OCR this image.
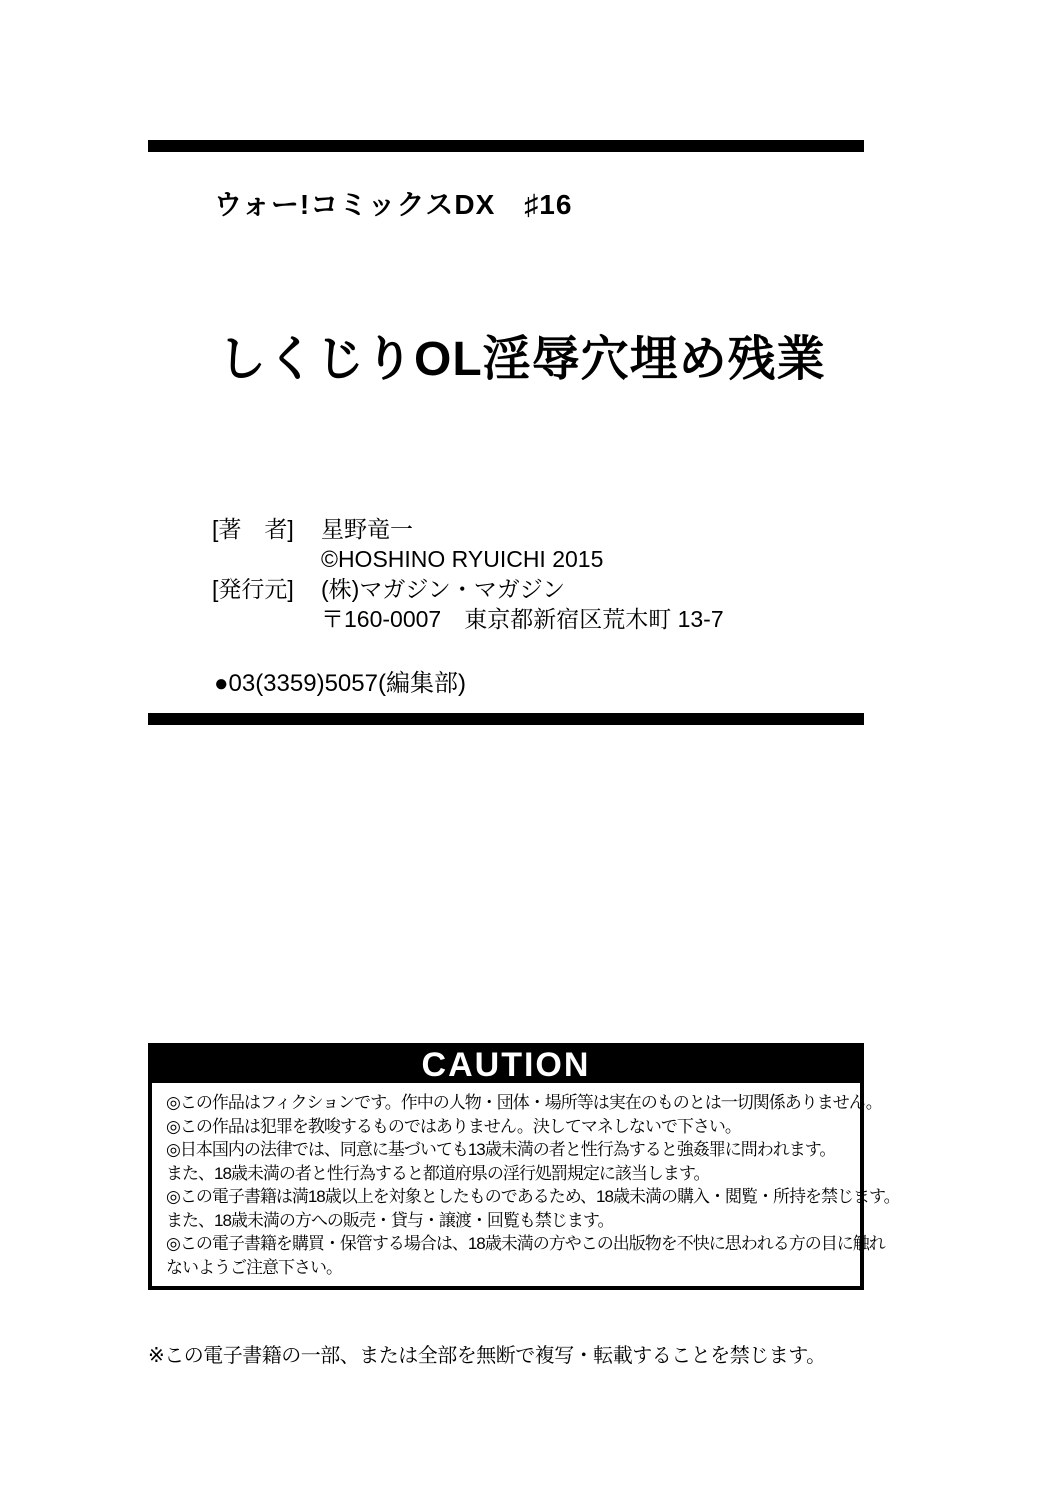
ウォー!コミックスDX　♯16
しくじりOL淫辱穴埋め残業
[著　者]	星野竜一
©HOSHINO RYUICHI 2015
[発行元]	(株)マガジン・マガジン
〒160-0007　東京都新宿区荒木町 13-7
●03(3359)5057(編集部)
CAUTION
◎この作品はフィクションです。作中の人物・団体・場所等は実在のものとは一切関係ありません。
◎この作品は犯罪を教唆するものではありません。決してマネしないで下さい。
◎日本国内の法律では、同意に基づいても13歳未満の者と性行為すると強姦罪に問われます。
また、18歳未満の者と性行為すると都道府県の淫行処罰規定に該当します。
◎この電子書籍は満18歳以上を対象としたものであるため、18歳未満の購入・閲覧・所持を禁じます。
また、18歳未満の方への販売・貸与・譲渡・回覧も禁じます。
◎この電子書籍を購買・保管する場合は、18歳未満の方やこの出版物を不快に思われる方の目に触れ
ないようご注意下さい。
※この電子書籍の一部、または全部を無断で複写・転載することを禁じます。
